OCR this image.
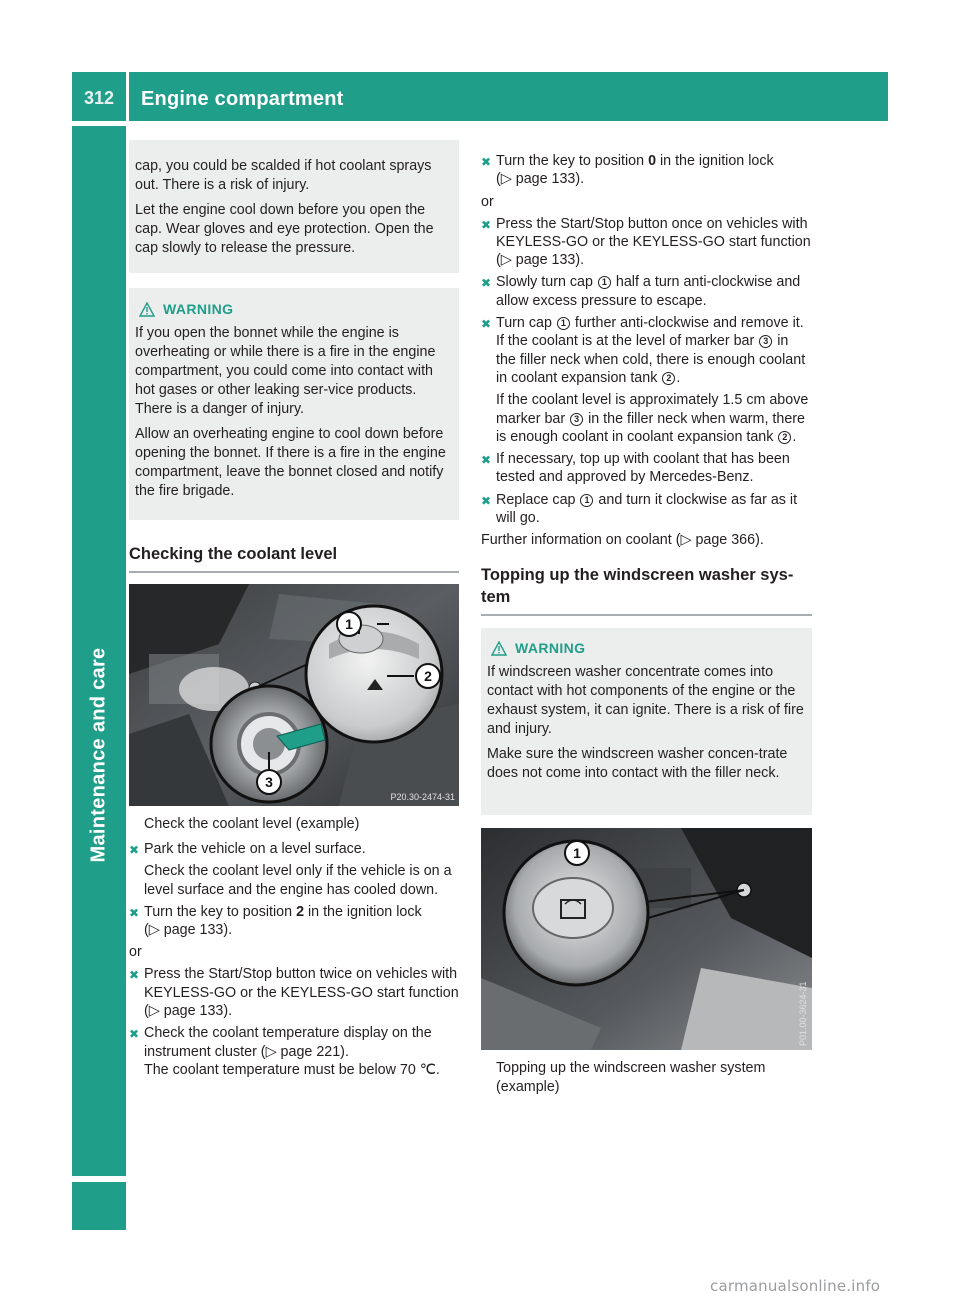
312	Engine compartment
Maintenance and care
cap, you could be scalded if hot coolant sprays out. There is a risk of injury.
Let the engine cool down before you open the cap. Wear gloves and eye protection. Open the cap slowly to release the pressure.
WARNING
If you open the bonnet while the engine is overheating or while there is a fire in the engine compartment, you could come into contact with hot gases or other leaking ser-vice products. There is a danger of injury.
Allow an overheating engine to cool down before opening the bonnet. If there is a fire in the engine compartment, leave the bonnet closed and notify the fire brigade.
Checking the coolant level
1
2
3
P20.30-2474-31
Check the coolant level (example)
✖ Park the vehicle on a level surface.
Check the coolant level only if the vehicle is on a level surface and the engine has cooled down.
✖ Turn the key to position 2 in the ignition lock (▷ page 133).
or
✖ Press the Start/Stop button twice on vehicles with KEYLESS-GO or the KEYLESS-GO start function (▷ page 133).
✖ Check the coolant temperature display on the instrument cluster (▷ page 221).
The coolant temperature must be below 70 ℃.
✖ Turn the key to position 0 in the ignition lock (▷ page 133).
or
✖ Press the Start/Stop button once on vehicles with KEYLESS-GO or the KEYLESS-GO start function (▷ page 133).
✖ Slowly turn cap 1 half a turn anti-clockwise and allow excess pressure to escape.
✖ Turn cap 1 further anti-clockwise and remove it.
If the coolant is at the level of marker bar 3 in the filler neck when cold, there is enough coolant in coolant expansion tank 2 .
If the coolant level is approximately 1.5 cm above marker bar 3 in the filler neck when warm, there is enough coolant in coolant expansion tank 2 .
✖ If necessary, top up with coolant that has been tested and approved by Mercedes-Benz.
✖ Replace cap 1 and turn it clockwise as far as it will go.
Further information on coolant (▷ page 366).
Topping up the windscreen washer sys-tem
WARNING
If windscreen washer concentrate comes into contact with hot components of the engine or the exhaust system, it can ignite. There is a risk of fire and injury.
Make sure the windscreen washer concen-trate does not come into contact with the filler neck.
1
P01.00-3624-31
Topping up the windscreen washer system (example)
carmanualsonline.info
